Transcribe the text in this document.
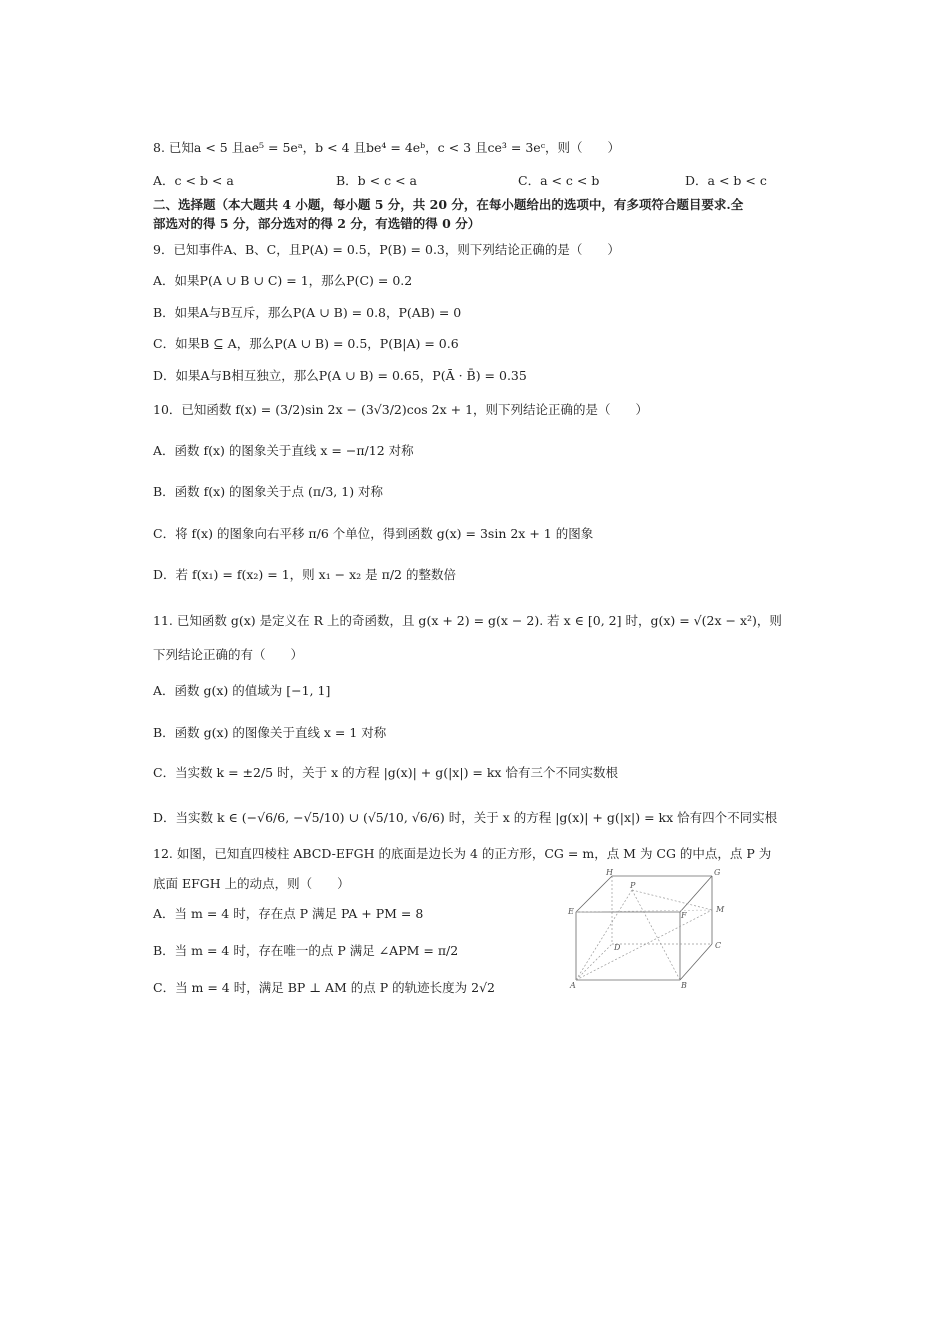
8. 已知a < 5 且ae⁵ = 5eᵃ，b < 4 且be⁴ = 4eᵇ，c < 3 且ce³ = 3eᶜ，则（　　）
A．c < b < a	B．b < c < a	C．a < c < b	D．a < b < c
二、选择题（本大题共 4 小题，每小题 5 分，共 20 分，在每小题给出的选项中，有多项符合题目要求.全
部选对的得 5 分，部分选对的得 2 分，有选错的得 0 分）
9．已知事件A、B、C，且P(A) = 0.5，P(B) = 0.3，则下列结论正确的是（　　）
A．如果P(A ∪ B ∪ C) = 1，那么P(C) = 0.2
B．如果A与B互斥，那么P(A ∪ B) = 0.8，P(AB) = 0
C．如果B ⊆ A，那么P(A ∪ B) = 0.5，P(B|A) = 0.6
D．如果A与B相互独立，那么P(A ∪ B) = 0.65，P(Ā · B̄) = 0.35
10．已知函数 f(x) = (3/2)sin 2x − (3√3/2)cos 2x + 1，则下列结论正确的是（　　）
A．函数 f(x) 的图象关于直线 x = −π/12 对称
B．函数 f(x) 的图象关于点 (π/3, 1) 对称
C．将 f(x) 的图象向右平移 π/6 个单位，得到函数 g(x) = 3sin 2x + 1 的图象
D．若 f(x₁) = f(x₂) = 1，则 x₁ − x₂ 是 π/2 的整数倍
11. 已知函数 g(x) 是定义在 R 上的奇函数，且 g(x + 2) = g(x − 2). 若 x ∈ [0, 2] 时，g(x) = √(2x − x²)，则
下列结论正确的有（　　）
A．函数 g(x) 的值域为 [−1, 1]
B．函数 g(x) 的图像关于直线 x = 1 对称
C．当实数 k = ±2/5 时，关于 x 的方程 |g(x)| + g(|x|) = kx 恰有三个不同实数根
D．当实数 k ∈ (−√6/6, −√5/10) ∪ (√5/10, √6/6) 时，关于 x 的方程 |g(x)| + g(|x|) = kx 恰有四个不同实根
12. 如图，已知直四棱柱 ABCD-EFGH 的底面是边长为 4 的正方形，CG = m，点 M 为 CG 的中点，点 P 为
底面 EFGH 上的动点，则（　　）
A．当 m = 4 时，存在点 P 满足 PA + PM = 8
B．当 m = 4 时，存在唯一的点 P 满足 ∠APM = π/2
C．当 m = 4 时，满足 BP ⊥ AM 的点 P 的轨迹长度为 2√2
H	G
P
E	F
M
D	C
A	B
